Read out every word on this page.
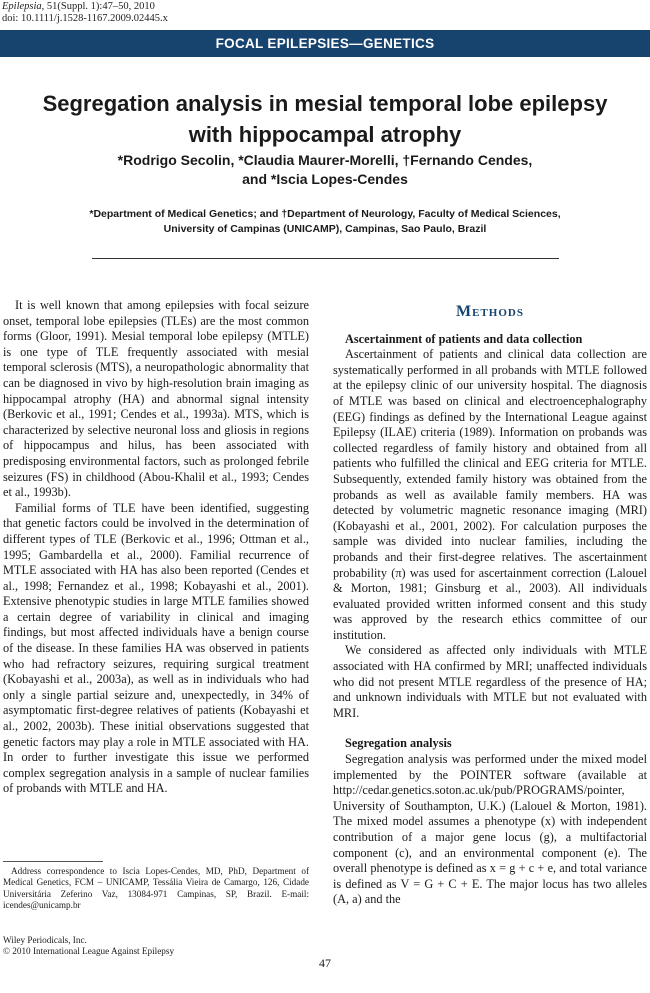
Epilepsia, 51(Suppl. 1):47–50, 2010
doi: 10.1111/j.1528-1167.2009.02445.x
FOCAL EPILEPSIES—GENETICS
Segregation analysis in mesial temporal lobe epilepsy
with hippocampal atrophy
*Rodrigo Secolin, *Claudia Maurer-Morelli, †Fernando Cendes,
and *Iscia Lopes-Cendes
*Department of Medical Genetics; and †Department of Neurology, Faculty of Medical Sciences,
University of Campinas (UNICAMP), Campinas, Sao Paulo, Brazil

It is well known that among epilepsies with focal seizure onset, temporal lobe epilepsies (TLEs) are the most common forms (Gloor, 1991). Mesial temporal lobe epilepsy (MTLE) is one type of TLE frequently associated with mesial temporal sclerosis (MTS), a neuropathologic abnormality that can be diagnosed in vivo by high-resolution brain imaging as hippocampal atrophy (HA) and abnormal signal intensity (Berkovic et al., 1991; Cendes et al., 1993a). MTS, which is characterized by selective neuronal loss and gliosis in regions of hippocampus and hilus, has been associated with predisposing environmental factors, such as prolonged febrile seizures (FS) in childhood (Abou-Khalil et al., 1993; Cendes et al., 1993b).

Familial forms of TLE have been identified, suggesting that genetic factors could be involved in the determination of different types of TLE (Berkovic et al., 1996; Ottman et al., 1995; Gambardella et al., 2000). Familial recurrence of MTLE associated with HA has also been reported (Cendes et al., 1998; Fernandez et al., 1998; Kobayashi et al., 2001). Extensive phenotypic studies in large MTLE families showed a certain degree of variability in clinical and imaging findings, but most affected individuals have a benign course of the disease. In these families HA was observed in patients who had refractory seizures, requiring surgical treatment (Kobayashi et al., 2003a), as well as in individuals who had only a single partial seizure and, unexpectedly, in 34% of asymptomatic first-degree relatives of patients (Kobayashi et al., 2002, 2003b). These initial observations suggested that genetic factors may play a role in MTLE associated with HA. In order to further investigate this issue we performed complex segregation analysis in a sample of nuclear families of probands with MTLE and HA.

Methods

Ascertainment of patients and data collection

Ascertainment of patients and clinical data collection are systematically performed in all probands with MTLE followed at the epilepsy clinic of our university hospital. The diagnosis of MTLE was based on clinical and electroencephalography (EEG) findings as defined by the International League against Epilepsy (ILAE) criteria (1989). Information on probands was collected regardless of family history and obtained from all patients who fulfilled the clinical and EEG criteria for MTLE. Subsequently, extended family history was obtained from the probands as well as available family members. HA was detected by volumetric magnetic resonance imaging (MRI) (Kobayashi et al., 2001, 2002). For calculation purposes the sample was divided into nuclear families, including the probands and their first-degree relatives. The ascertainment probability (π) was used for ascertainment correction (Lalouel & Morton, 1981; Ginsburg et al., 2003). All individuals evaluated provided written informed consent and this study was approved by the research ethics committee of our institution.

We considered as affected only individuals with MTLE associated with HA confirmed by MRI; unaffected individuals who did not present MTLE regardless of the presence of HA; and unknown individuals with MTLE but not evaluated with MRI.

Segregation analysis

Segregation analysis was performed under the mixed model implemented by the POINTER software (available at http://cedar.genetics.soton.ac.uk/pub/PROGRAMS/pointer, University of Southampton, U.K.) (Lalouel & Morton, 1981). The mixed model assumes a phenotype (x) with independent contribution of a major gene locus (g), a multifactorial component (c), and an environmental component (e). The overall phenotype is defined as x = g + c + e, and total variance is defined as V = G + C + E. The major locus has two alleles (A, a) and the

Address correspondence to Iscia Lopes-Cendes, MD, PhD, Department of Medical Genetics, FCM – UNICAMP, Tessália Vieira de Camargo, 126, Cidade Universitária Zeferino Vaz, 13084-971 Campinas, SP, Brazil. E-mail: icendes@unicamp.br

Wiley Periodicals, Inc.
© 2010 International League Against Epilepsy
47
